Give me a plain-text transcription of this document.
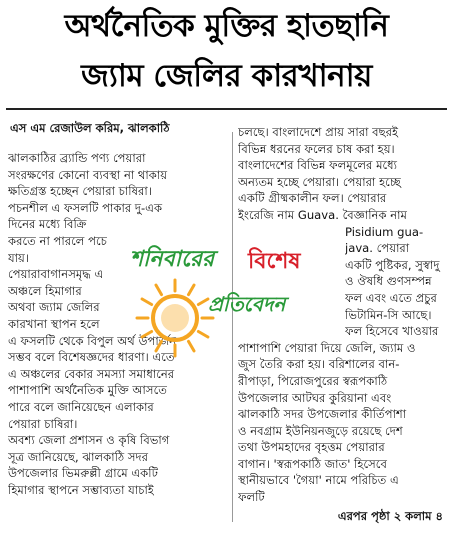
অর্থনৈতিক মুক্তির হাতছানি
জ্যাম জেলির কারখানায়
এস এম রেজাউল করিম, ঝালকাঠি
ঝালকাঠির ব্র্যান্ডি পণ্য পেয়ারা
সংরক্ষণের কোনো ব্যবস্থা না থাকায়
ক্ষতিগ্রস্ত হচ্ছেন পেয়ারা চাষিরা।
পচনশীল এ ফসলটি পাকার দু-এক
দিনের মধ্যে বিক্রি
করতে না পারলে পচে
যায়।
পেয়ারাবাগানসমৃদ্ধ এ
অঞ্চলে হিমাগার
অথবা জ্যাম জেলির
কারখানা স্থাপন হলে
এ ফসলটি থেকে বিপুল অর্থ উপার্জন
সম্ভব বলে বিশেষজ্ঞদের ধারণা। এতে
এ অঞ্চলের বেকার সমস্যা সমাধানের
পাশাপাশি অর্থনৈতিক মুক্তি আসতে
পারে বলে জানিয়েছেন এলাকার
পেয়ারা চাষিরা।
অবশ্য জেলা প্রশাসন ও কৃষি বিভাগ
সূত্র জানিয়েছে, ঝালকাঠি সদর
উপজেলার ভিমরুল্লী গ্রামে একটি
হিমাগার স্থাপনে সম্ভাব্যতা যাচাই
চলছে। বাংলাদেশে প্রায় সারা বছরই
বিভিন্ন ধরনের ফলের চাষ করা হয়।
বাংলাদেশের বিভিন্ন ফলমূলের মধ্যে
অন্যতম হচ্ছে পেয়ারা। পেয়ারা হচ্ছে
একটি গ্রীষ্মকালীন ফল। পেয়ারার
ইংরেজি নাম Guava. বৈজ্ঞানিক নাম
Pisidium gua-
java. পেয়ারা
একটি পুষ্টিকর, সুস্বাদু
ও ঔষধি গুণসম্পন্ন
ফল এবং এতে প্রচুর
ভিটামিন-সি আছে।
ফল হিসেবে খাওয়ার
পাশাপাশি পেয়ারা দিয়ে জেলি, জ্যাম ও
জুস তৈরি করা হয়। বরিশালের বান-
রীপাড়া, পিরোজপুরের স্বরূপকাঠি
উপজেলার আটঘর কুরিয়ানা এবং
ঝালকাঠি সদর উপজেলার কীর্তিপাশা
ও নবগ্রাম ইউনিয়নজুড়ে রয়েছে দেশ
তথা উপমহাদের বৃহত্তম পেয়ারার
বাগান। 'স্বরূপকাঠি জাত' হিসেবে
স্থানীয়ভাবে 'গৈয়া' নামে পরিচিত এ
ফলটি
শনিবারের বিশেষ
প্রতিবেদন
এরপর পৃষ্ঠা ২ কলাম ৪
